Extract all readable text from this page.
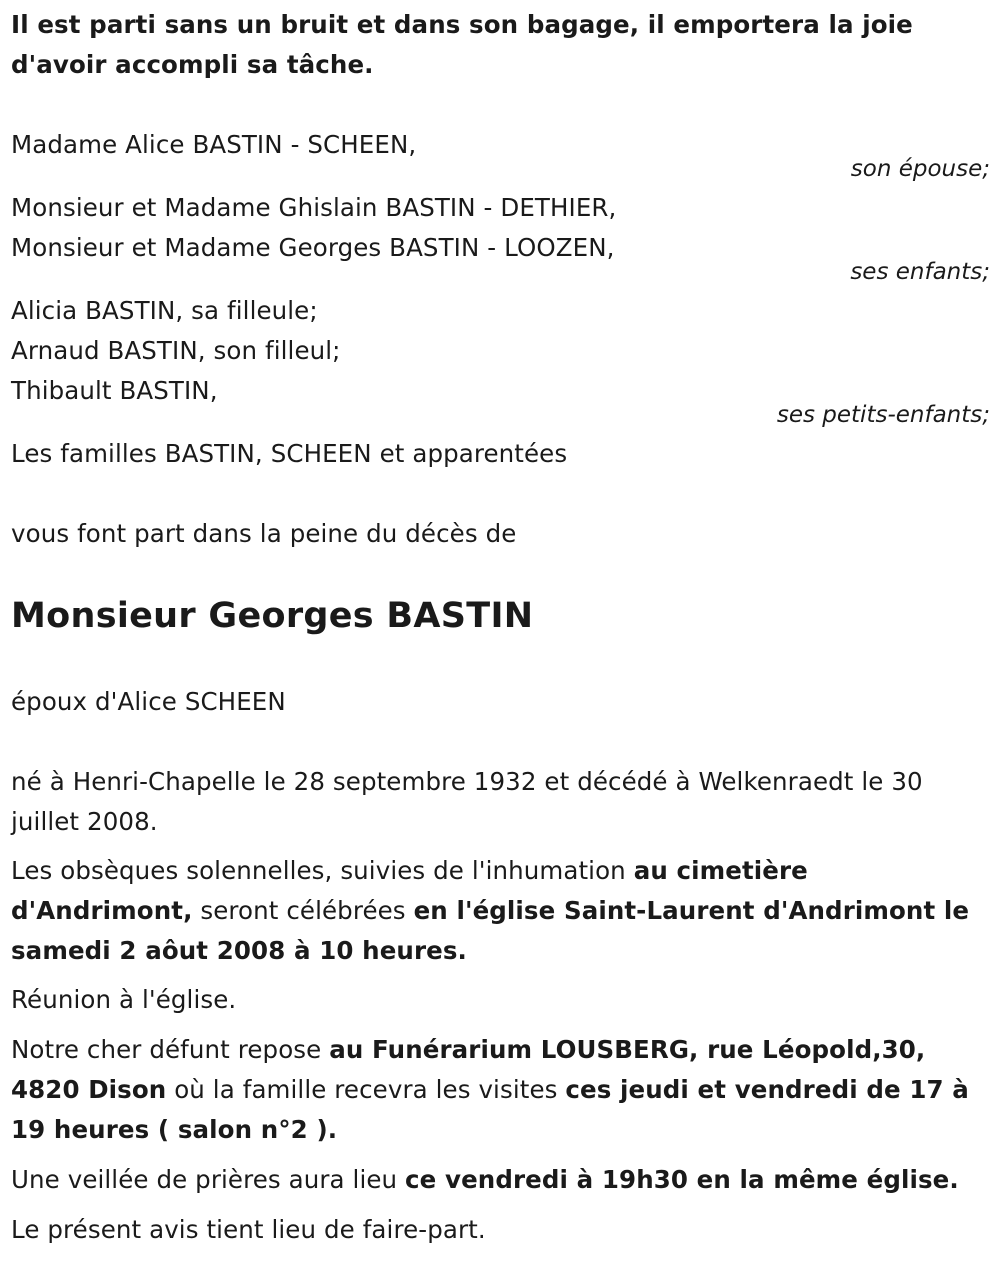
Il est parti sans un bruit et dans son bagage, il emportera la joie

d'avoir accompli sa tâche.

Madame Alice BASTIN - SCHEEN,

son épouse;

Monsieur et Madame Ghislain BASTIN - DETHIER,

Monsieur et Madame Georges BASTIN - LOOZEN,

ses enfants;

Alicia BASTIN, sa filleule;

Arnaud BASTIN, son filleul;

Thibault BASTIN,

ses petits-enfants;

Les familles BASTIN, SCHEEN et apparentées

vous font part dans la peine du décès de

Monsieur Georges BASTIN

époux d'Alice SCHEEN

né à Henri-Chapelle le 28 septembre 1932 et décédé à Welkenraedt le 30

juillet 2008.

Les obsèques solennelles, suivies de l'inhumation au cimetière d'Andrimont, seront célébrées en l'église Saint-Laurent d'Andrimont le samedi 2 aôut 2008 à 10 heures.

Réunion à l'église.

Notre cher défunt repose au Funérarium LOUSBERG, rue Léopold,30, 4820 Dison où la famille recevra les visites ces jeudi et vendredi de 17 à 19 heures ( salon n°2 ).

Une veillée de prières aura lieu ce vendredi à 19h30 en la même église.

Le présent avis tient lieu de faire-part.
